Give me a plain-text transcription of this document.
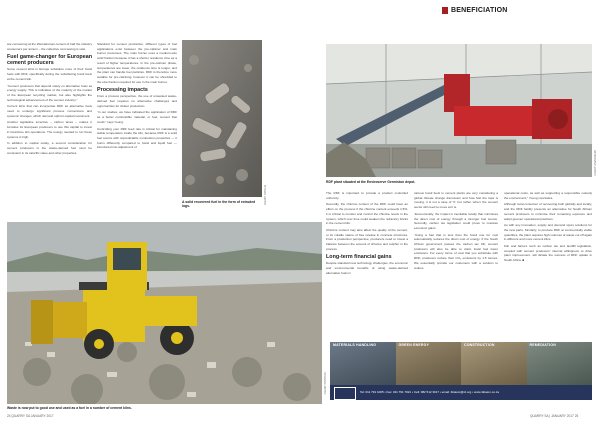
BENEFICIATION

are consuming at the Wendelsman cement of half the industry consumers per annum – the collective cost saving is vast.

Fuel game-changer for European cement producers

Some cement kilns in Europe substitute more of their fossil fuels with RDF, specifically during the substituting fossil fuels at the cement kiln.

“Cement producers that depend solely on alternative fuels as energy supply. This is indicative of the maturity of the market of the European recycling market, but also highlights the technological advancement of the cement industry.”

Current kilns that can incorporate RDF as alternative fuels need to undergo significant process conversions and systemic changes, which demand upfront capital investment.

Another legislative incentive – carbon taxes – makes it lucrative for European producers to use this capital to invest in fossil-free kiln operations. The energy needed to run these systems is high.

In addition to capital outlay, a second consideration for cement producers is the waste-derived fuel must be consistent in its calorific value and other properties.

Standard for cement production, different types of fuel applications exist between the pre-calciner and main burner processes. The main burner uses a medium-size solid fraction because it has a shorter residence time as a result of higher temperatures. In the pre-calciner phase, temperatures are lower, the residence time is longer, and the plant can handle fuel particles, RDF is therefore more suitable for pre-calcining, however it can be shredded to the size fraction required for use in the main burner.

Processing impacts

From a process perspective, the use of unwanted waste-derived fuel requires no alternative challenges and opportunities for clinker production.

“In our studies, we have indicated the application of RDF as a better combustible material, or fuel, cement that could,” says Young.

Controlling your RDF feed rate is critical for maintaining stable temperature inside the kiln, because RDF is a solid fuel source with unpredictable combustion properties — it burns differently compared to fossil and liquid fuel — introduced into adjustment of

CREDIT: FOTOLIA
A solid recovered fuel in the form of extruded logs.
CREDIT: ENVIROSERV
RDF plant situated at the Enviroserve Germiston depot.
CREDIT: INSTITUTE
Waste is now put to good use and used as a fuel in a number of cement kilns.

The RDF is important to provide a product controlled uniformly.

Secondly, the chlorine content of the RDF could have an effect on the process if the chlorine content exceeds 1.5%, it is critical to monitor and control the chlorine levels in the system, which over time could weaken the refractory bricks in the cement kiln.

Chlorine content may also affect the quality of the cement, or its volatile nature of free release in concrete structures. From a production perspective, producers need to invest a balance between the amount of chlorine and sulphur in the process.

Long-term financial gains

Despite standard new technology challenges, the economic and environmental benefits of using waste-derived alternative fuels in

various fossil fuels in cement plants are very considering a global climate change discussion and how fast the tape is moving, it is not a case of 'if', but rather 'when' the cement sector will need to move at it is.

“Economically, the impact is inevitable locally that minimises the direct cost of energy through a stronger fuel source. Secondly, carbon tax legislation could prove to massive economic gains.

“Using a fuel that is less than the fossil one for cost automatically reduces the direct cost of energy. If the South African government passes the carbon tax bill, cement producers will also be able to claim fossil fuel lower emissions. For every tonne of coal that you substitute with RDF, producers reduce their CO₂ emissions by 1.5 tonnes. We essentially provide our customers with a solution to reduce

operational costs, as well as supporting a responsible custody the environment,” Young concludes.

Although local consumer of recovering both globally and locally, and the RDF facility presents an alternative for South African cement producers to minimise their remaining exposure and adopt greener operational practices.

As with any innovation, supply and demand spurs solutions for the new parts. Similarly, to produce RDF at commercially viable quantities, the plant requires high volumes of waste cut off again in different and more cement kilns.

Kiln and factors such as carbon tax and landfill legislation, coupled with cement producers' internal willingness to drive plant improvement, will dictate the success of RDF uptake in South Africa. ■

MATERIALS HANDLING	GREEN ENERGY	CONSTRUCTION	REMEDIATION
Tel: 011 791 1005 • Fax: 011 791 7021 • Cell: 082 512 3917 • email: 4ktasm@icl.org • www.4ktasm.co.za
24 QUARRY SA JANUARY 2017	QUARRY SA | JANUARY 2017 25
